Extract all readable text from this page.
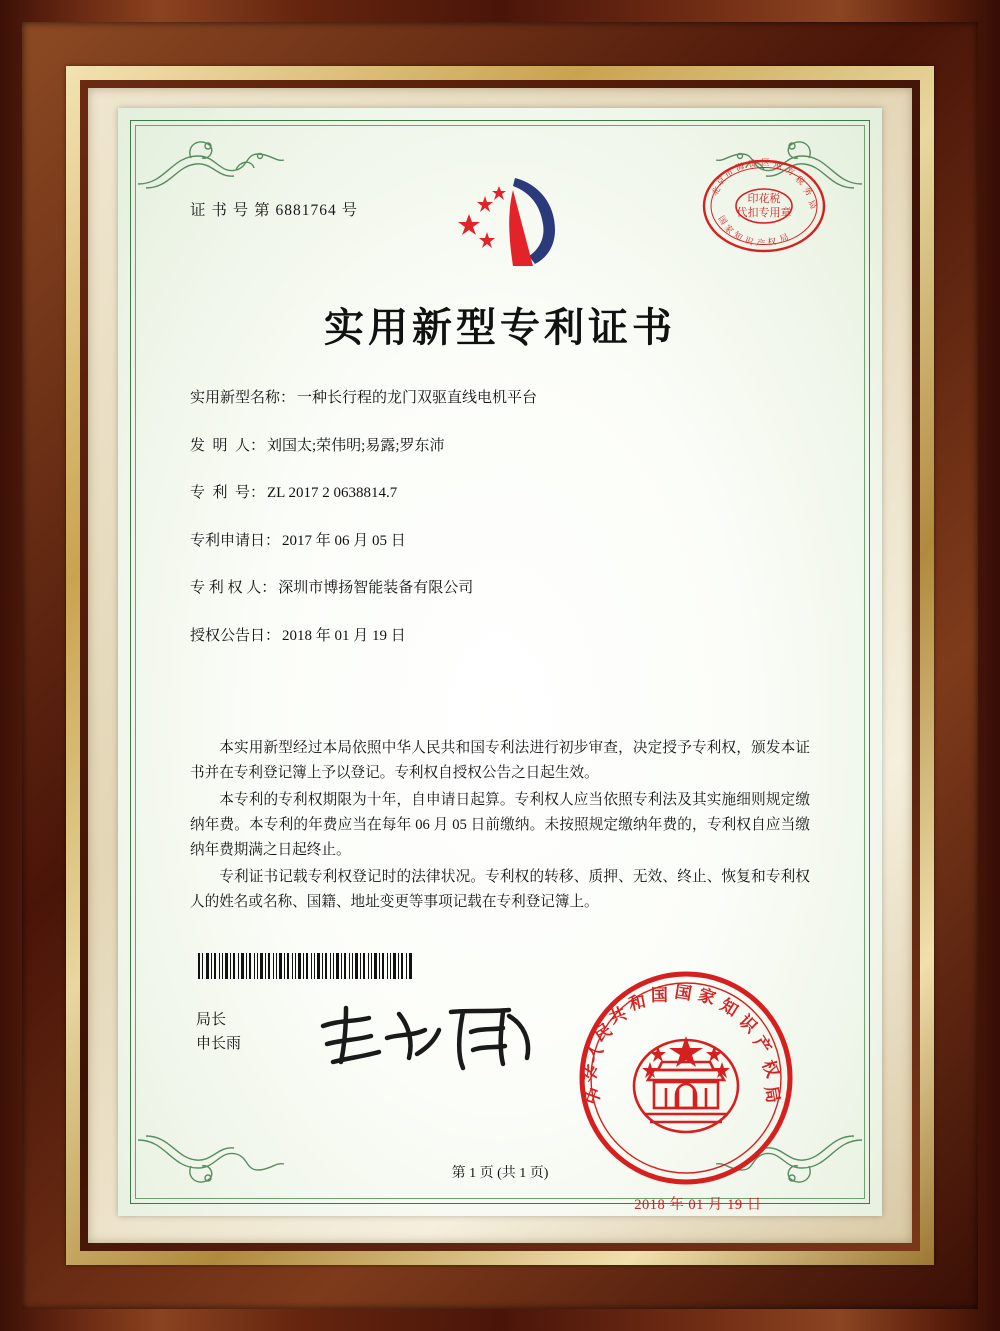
证 书 号 第 6881764 号
印花税
代扣专用章
北
京
市
海 淀 区 地 方
税
务
局
国
家
知
识 产 权 局
实用新型专利证书
实用新型名称： 一种长行程的龙门双驱直线电机平台
发  明  人： 刘国太;荣伟明;易露;罗东沛
专  利  号： ZL 2017 2 0638814.7
专利申请日： 2017 年 06 月 05 日
专 利 权 人： 深圳市博扬智能装备有限公司
授权公告日： 2018 年 01 月 19 日

本实用新型经过本局依照中华人民共和国专利法进行初步审查，决定授予专利权，颁发本证书并在专利登记簿上予以登记。专利权自授权公告之日起生效。

本专利的专利权期限为十年，自申请日起算。专利权人应当依照专利法及其实施细则规定缴纳年费。本专利的年费应当在每年 06 月 05 日前缴纳。未按照规定缴纳年费的，专利权自应当缴纳年费期满之日起终止。

专利证书记载专利权登记时的法律状况。专利权的转移、质押、无效、终止、恢复和专利权人的姓名或名称、国籍、地址变更等事项记载在专利登记簿上。

局长
申长雨
中
华
人
民
共
和 国 国 家
知
识
产
权
局
2018 年 01 月 19 日
第 1 页 (共 1 页)
